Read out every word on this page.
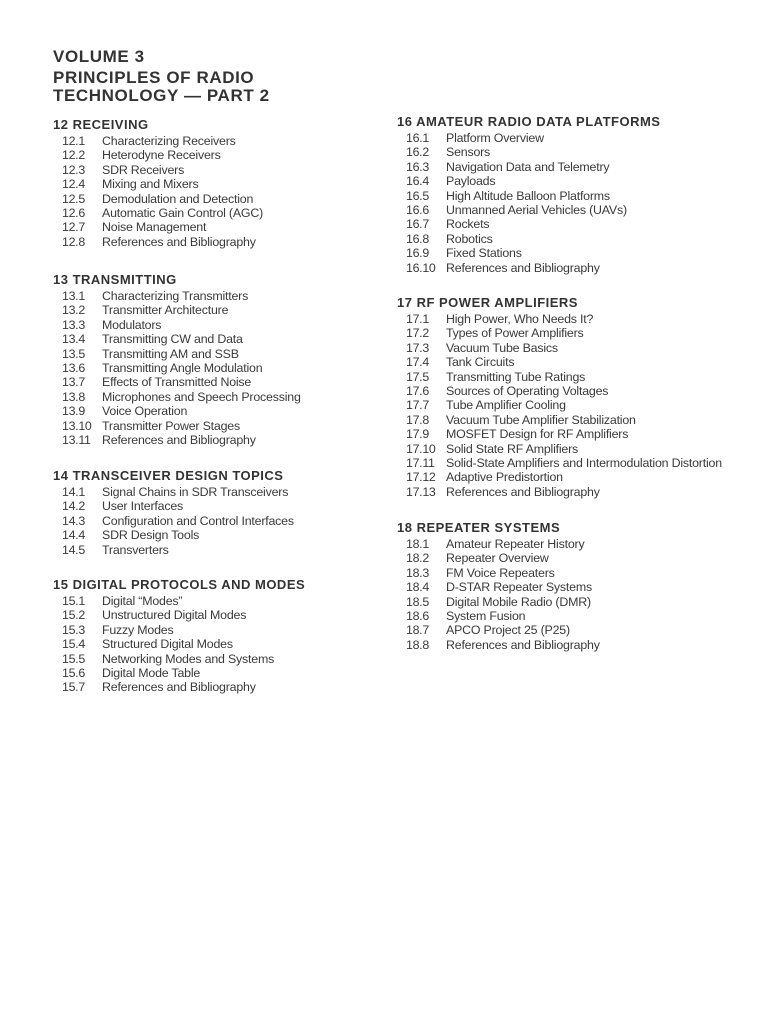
VOLUME 3
PRINCIPLES OF RADIO
TECHNOLOGY — PART 2
12 RECEIVING
12.1	Characterizing Receivers
12.2	Heterodyne Receivers
12.3	SDR Receivers
12.4	Mixing and Mixers
12.5	Demodulation and Detection
12.6	Automatic Gain Control (AGC)
12.7	Noise Management
12.8	References and Bibliography
13 TRANSMITTING
13.1	Characterizing Transmitters
13.2	Transmitter Architecture
13.3	Modulators
13.4	Transmitting CW and Data
13.5	Transmitting AM and SSB
13.6	Transmitting Angle Modulation
13.7	Effects of Transmitted Noise
13.8	Microphones and Speech Processing
13.9	Voice Operation
13.10 Transmitter Power Stages
13.11 References and Bibliography
14 TRANSCEIVER DESIGN TOPICS
14.1	Signal Chains in SDR Transceivers
14.2	User Interfaces
14.3	Configuration and Control Interfaces
14.4	SDR Design Tools
14.5	Transverters
15 DIGITAL PROTOCOLS AND MODES
15.1	Digital “Modes”
15.2	Unstructured Digital Modes
15.3	Fuzzy Modes
15.4	Structured Digital Modes
15.5	Networking Modes and Systems
15.6	Digital Mode Table
15.7	References and Bibliography
16 AMATEUR RADIO DATA PLATFORMS
16.1	Platform Overview
16.2	Sensors
16.3	Navigation Data and Telemetry
16.4	Payloads
16.5	High Altitude Balloon Platforms
16.6	Unmanned Aerial Vehicles (UAVs)
16.7	Rockets
16.8	Robotics
16.9	Fixed Stations
16.10 References and Bibliography
17 RF POWER AMPLIFIERS
17.1	High Power, Who Needs It?
17.2	Types of Power Amplifiers
17.3	Vacuum Tube Basics
17.4	Tank Circuits
17.5	Transmitting Tube Ratings
17.6	Sources of Operating Voltages
17.7	Tube Amplifier Cooling
17.8	Vacuum Tube Amplifier Stabilization
17.9	MOSFET Design for RF Amplifiers
17.10 Solid State RF Amplifiers
17.11 Solid-State Amplifiers and Intermodulation Distortion
17.12 Adaptive Predistortion
17.13 References and Bibliography
18 REPEATER SYSTEMS
18.1	Amateur Repeater History
18.2	Repeater Overview
18.3	FM Voice Repeaters
18.4	D-STAR Repeater Systems
18.5	Digital Mobile Radio (DMR)
18.6	System Fusion
18.7	APCO Project 25 (P25)
18.8	References and Bibliography
